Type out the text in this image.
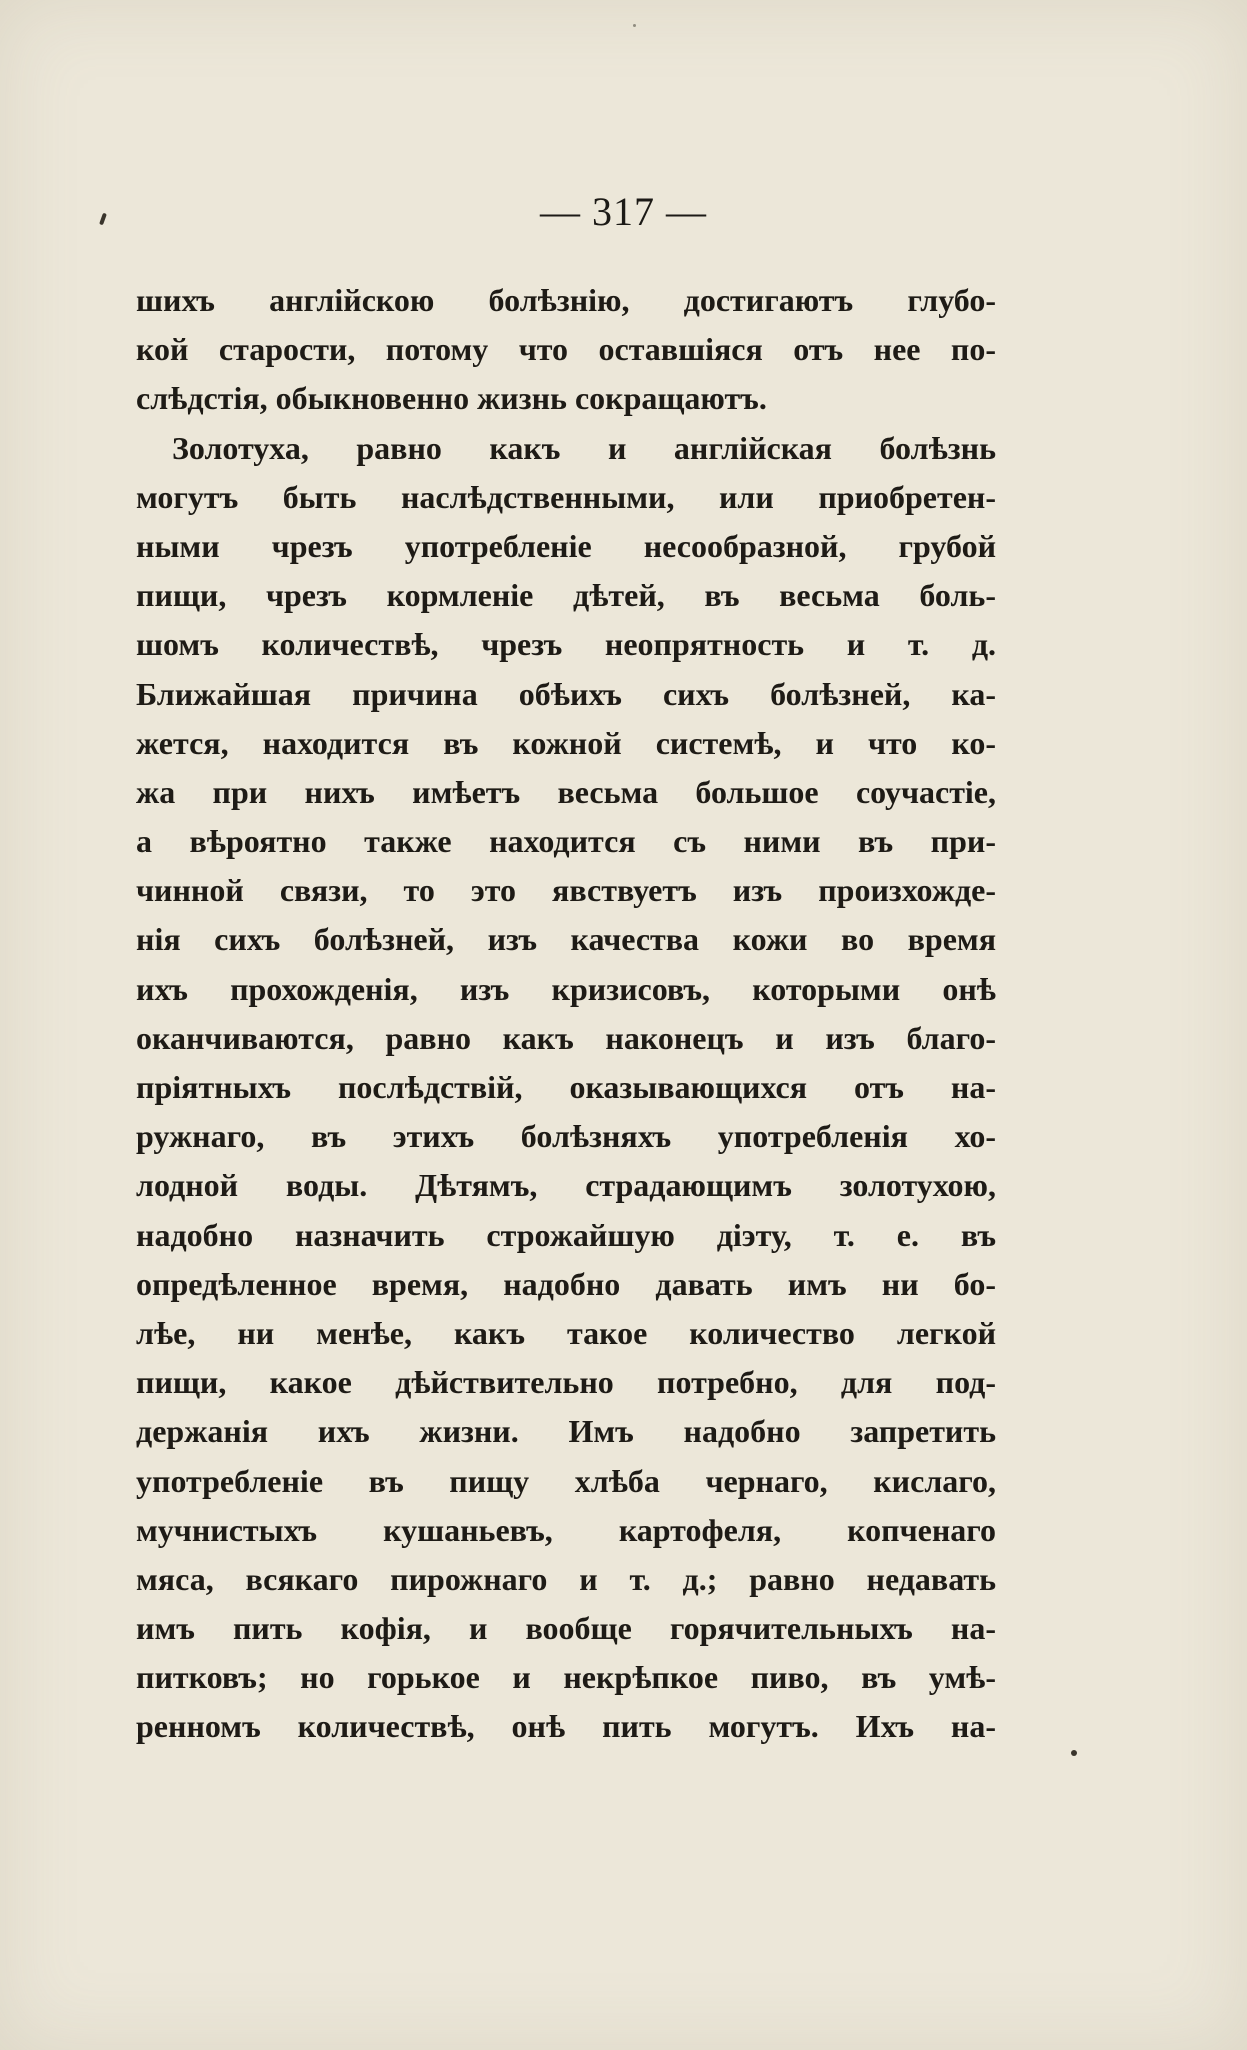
— 317 —
шихъ англійскою болѣзнію, достигаютъ глубо-
кой старости, потому что оставшіяся отъ нее по-
слѣдстія, обыкновенно жизнь сокращаютъ.
Золотуха, равно какъ и англійская болѣзнь
могутъ быть наслѣдственными, или приобретен-
ными чрезъ употребленіе несообразной, грубой
пищи, чрезъ кормленіе дѣтей, въ весьма боль-
шомъ количествѣ, чрезъ неопрятность и т. д.
Ближайшая причина обѣихъ сихъ болѣзней, ка-
жется, находится въ кожной системѣ, и что ко-
жа при нихъ имѣетъ весьма большое соучастіе,
а вѣроятно также находится съ ними въ при-
чинной связи, то это явствуетъ изъ произхожде-
нія сихъ болѣзней, изъ качества кожи во время
ихъ прохожденія, изъ кризисовъ, которыми онѣ
оканчиваются, равно какъ наконецъ и изъ благо-
пріятныхъ послѣдствій, оказывающихся отъ на-
ружнаго, въ этихъ болѣзняхъ употребленія хо-
лодной воды. Дѣтямъ, страдающимъ золотухою,
надобно назначить строжайшую діэту, т. е. въ
опредѣленное время, надобно давать имъ ни бо-
лѣе, ни менѣе, какъ такое количество легкой
пищи, какое дѣйствительно потребно, для под-
держанія ихъ жизни. Имъ надобно запретить
употребленіе въ пищу хлѣба чернаго, кислаго,
мучнистыхъ кушаньевъ, картофеля, копченаго
мяса, всякаго пирожнаго и т. д.; равно недавать
имъ пить кофія, и вообще горячительныхъ на-
питковъ; но горькое и некрѣпкое пиво, въ умѣ-
ренномъ количествѣ, онѣ пить могутъ. Ихъ на-
